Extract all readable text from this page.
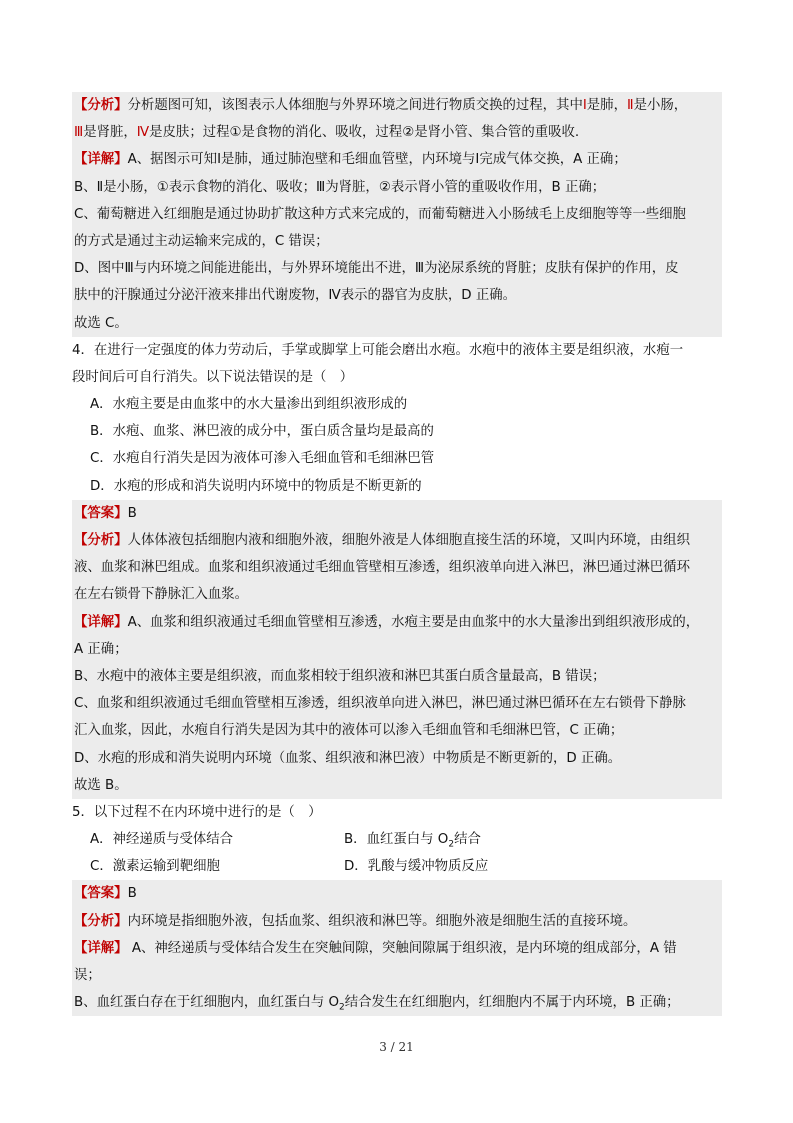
【分析】分析题图可知，该图表示人体细胞与外界环境之间进行物质交换的过程，其中Ⅰ是肺，Ⅱ是小肠，
Ⅲ是肾脏，Ⅳ是皮肤；过程①是食物的消化、吸收，过程②是肾小管、集合管的重吸收.
【详解】A、据图示可知Ⅰ是肺，通过肺泡壁和毛细血管壁，内环境与Ⅰ完成气体交换，A 正确；
B、Ⅱ是小肠，①表示食物的消化、吸收；Ⅲ为肾脏，②表示肾小管的重吸收作用，B 正确；
C、葡萄糖进入红细胞是通过协助扩散这种方式来完成的，而葡萄糖进入小肠绒毛上皮细胞等等一些细胞
的方式是通过主动运输来完成的，C 错误；
D、图中Ⅲ与内环境之间能进能出，与外界环境能出不进，Ⅲ为泌尿系统的肾脏；皮肤有保护的作用，皮
肤中的汗腺通过分泌汗液来排出代谢废物，Ⅳ表示的器官为皮肤，D 正确。
故选 C。
4．在进行一定强度的体力劳动后，手掌或脚掌上可能会磨出水疱。水疱中的液体主要是组织液，水疱一
段时间后可自行消失。以下说法错误的是（　）
A．水疱主要是由血浆中的水大量渗出到组织液形成的
B．水疱、血浆、淋巴液的成分中，蛋白质含量均是最高的
C．水疱自行消失是因为液体可渗入毛细血管和毛细淋巴管
D．水疱的形成和消失说明内环境中的物质是不断更新的
【答案】B
【分析】人体体液包括细胞内液和细胞外液，细胞外液是人体细胞直接生活的环境，又叫内环境，由组织
液、血浆和淋巴组成。血浆和组织液通过毛细血管壁相互渗透，组织液单向进入淋巴，淋巴通过淋巴循环
在左右锁骨下静脉汇入血浆。
【详解】A、血浆和组织液通过毛细血管壁相互渗透，水疱主要是由血浆中的水大量渗出到组织液形成的，
A 正确；
B、水疱中的液体主要是组织液，而血浆相较于组织液和淋巴其蛋白质含量最高，B 错误；
C、血浆和组织液通过毛细血管壁相互渗透，组织液单向进入淋巴，淋巴通过淋巴循环在左右锁骨下静脉
汇入血浆，因此，水疱自行消失是因为其中的液体可以渗入毛细血管和毛细淋巴管，C 正确；
D、水疱的形成和消失说明内环境（血浆、组织液和淋巴液）中物质是不断更新的，D 正确。
故选 B。
5．以下过程不在内环境中进行的是（　）
A．神经递质与受体结合	B．血红蛋白与 $O_2$结合
C．激素运输到靶细胞	D．乳酸与缓冲物质反应
【答案】B
【分析】内环境是指细胞外液，包括血浆、组织液和淋巴等。细胞外液是细胞生活的直接环境。
【详解】 A、神经递质与受体结合发生在突触间隙，突触间隙属于组织液，是内环境的组成部分，A 错
误；
B、血红蛋白存在于红细胞内，血红蛋白与 $O_2$结合发生在红细胞内，红细胞内不属于内环境，B 正确；
3 / 21
